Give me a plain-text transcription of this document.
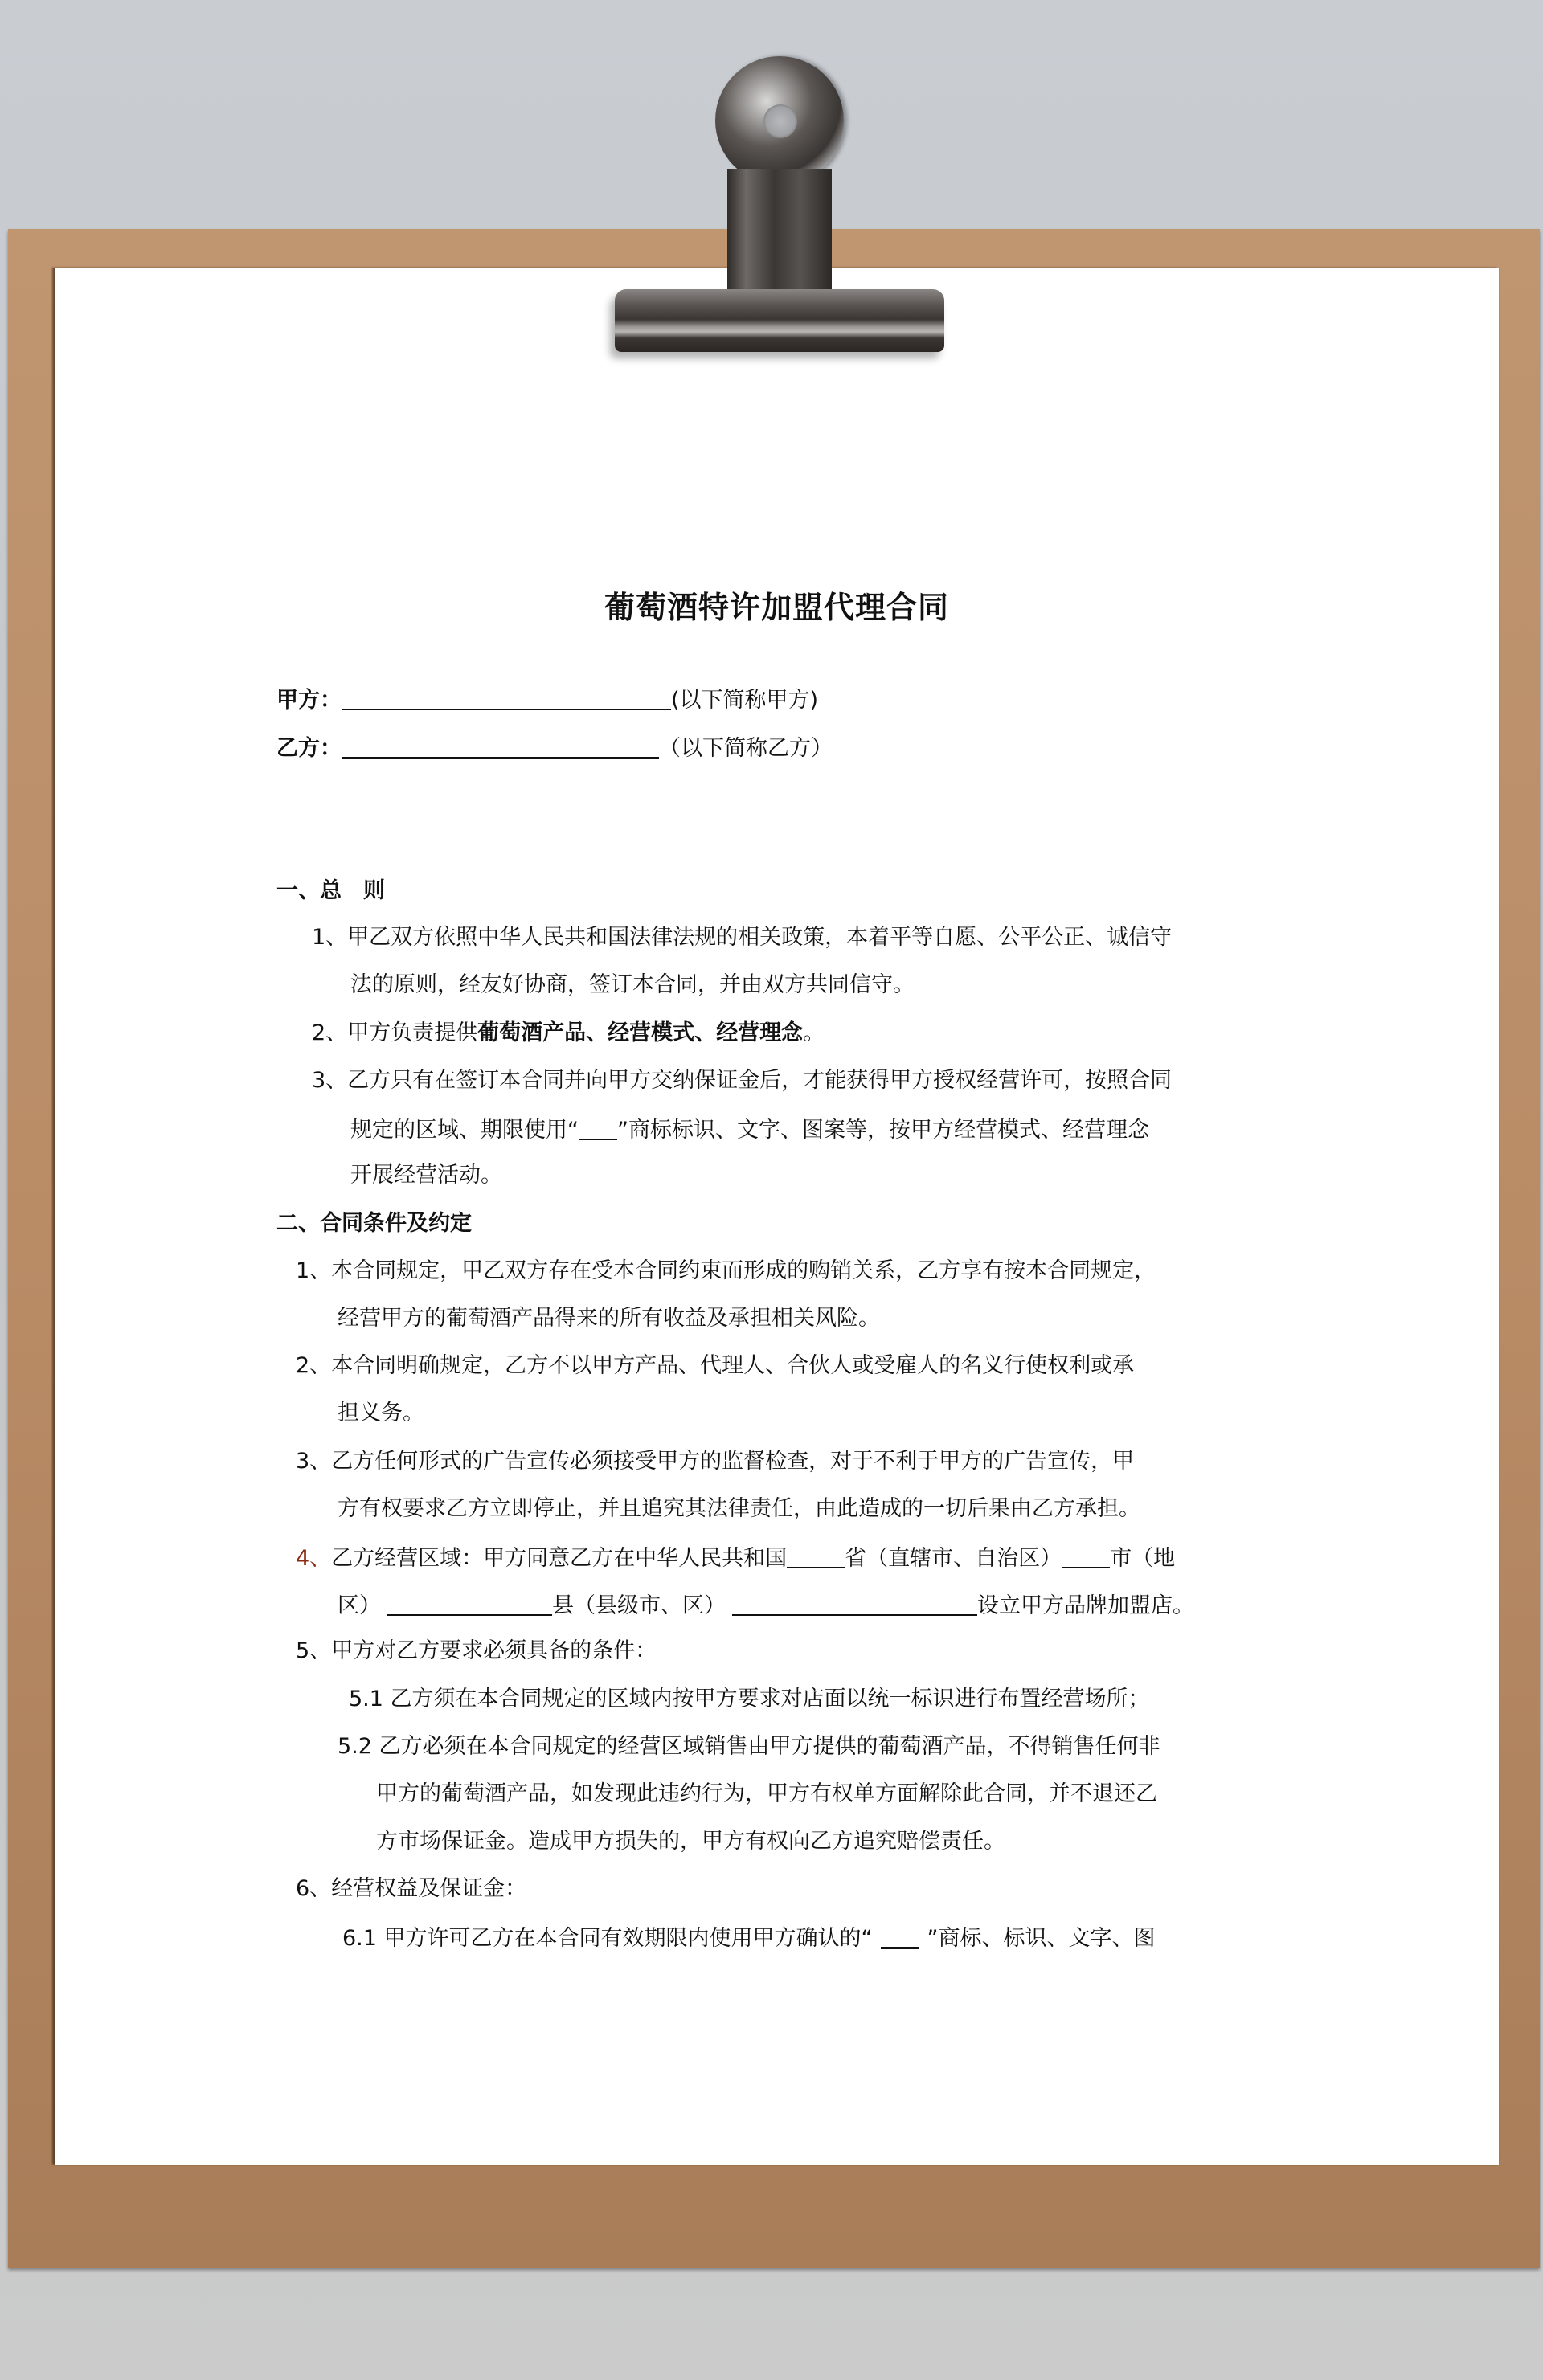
葡萄酒特许加盟代理合同
甲方：	(以下简称甲方)
乙方：	（以下简称乙方）
一、总　则
1、甲乙双方依照中华人民共和国法律法规的相关政策，本着平等自愿、公平公正、诚信守
法的原则，经友好协商，签订本合同，并由双方共同信守。
2、甲方负责提供葡萄酒产品、经营模式、经营理念。
3、乙方只有在签订本合同并向甲方交纳保证金后，才能获得甲方授权经营许可，按照合同
规定的区域、期限使用“ ”商标标识、文字、图案等，按甲方经营模式、经营理念
开展经营活动。
二、合同条件及约定
1、本合同规定，甲乙双方存在受本合同约束而形成的购销关系，乙方享有按本合同规定，
经营甲方的葡萄酒产品得来的所有收益及承担相关风险。
2、本合同明确规定，乙方不以甲方产品、代理人、合伙人或受雇人的名义行使权利或承
担义务。
3、乙方任何形式的广告宣传必须接受甲方的监督检查，对于不利于甲方的广告宣传，甲
方有权要求乙方立即停止，并且追究其法律责任，由此造成的一切后果由乙方承担。
4、乙方经营区域：甲方同意乙方在中华人民共和国	省（直辖市、自治区） 市（地
区）	县（县级市、区）	设立甲方品牌加盟店。
5、甲方对乙方要求必须具备的条件：
5.1 乙方须在本合同规定的区域内按甲方要求对店面以统一标识进行布置经营场所；
5.2 乙方必须在本合同规定的经营区域销售由甲方提供的葡萄酒产品，不得销售任何非
甲方的葡萄酒产品，如发现此违约行为，甲方有权单方面解除此合同，并不退还乙
方市场保证金。造成甲方损失的，甲方有权向乙方追究赔偿责任。
6、经营权益及保证金：
6.1 甲方许可乙方在本合同有效期限内使用甲方确认的“	”商标、标识、文字、图
